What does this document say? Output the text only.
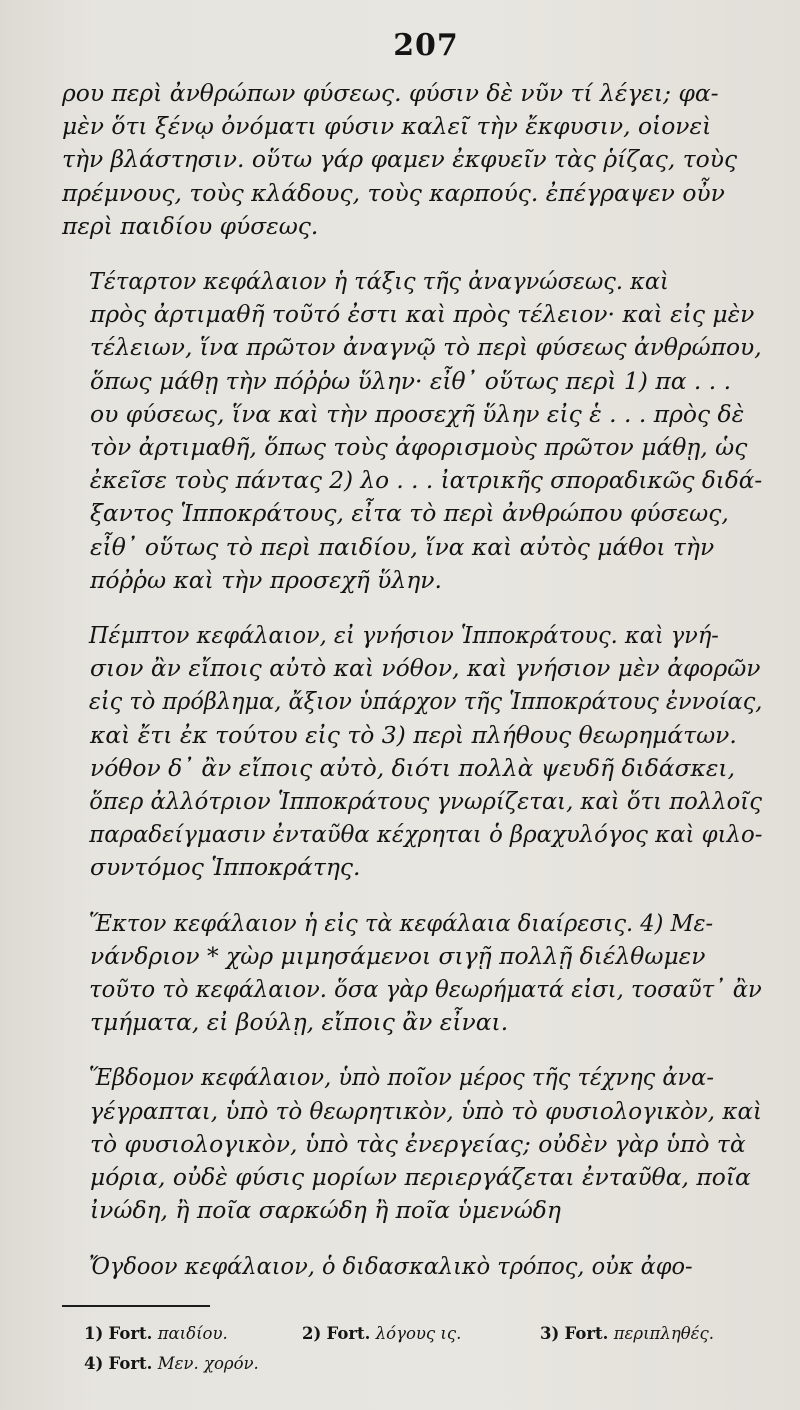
207
ρου περὶ ἀνθρώπων φύσεως. φύσιν δὲ νῦν τί λέγει; φα-
μὲν ὅτι ξένῳ ὀνόματι φύσιν καλεῖ τὴν ἔκφυσιν, οἱονεὶ
τὴν βλάστησιν. οὕτω γάρ φαμεν ἐκφυεῖν τὰς ῥίζας, τοὺς
πρέμνους, τοὺς κλάδους, τοὺς καρπούς. ἐπέγραψεν οὖν
περὶ παιδίου φύσεως.
Τέταρτον κεφάλαιον ἡ τάξις τῆς ἀναγνώσεως. καὶ
πρὸς ἀρτιμαθῆ τοῦτό ἐστι καὶ πρὸς τέλειον· καὶ εἰς μὲν
τέλειων, ἵνα πρῶτον ἀναγνῷ τὸ περὶ φύσεως ἀνθρώπου,
ὅπως μάθῃ τὴν πόῤῥω ὕλην· εἶθ᾽ οὕτως περὶ 1) πα . . .
ου φύσεως, ἵνα καὶ τὴν προσεχῆ ὕλην εἰς ἑ . . . πρὸς δὲ
τὸν ἀρτιμαθῆ, ὅπως τοὺς ἀφορισμοὺς πρῶτον μάθῃ, ὡς
ἐκεῖσε τοὺς πάντας 2) λο . . . ἰατρικῆς σποραδικῶς διδά-
ξαντος Ἱπποκράτους, εἶτα τὸ περὶ ἀνθρώπου φύσεως,
εἶθ᾽ οὕτως τὸ περὶ παιδίου, ἵνα καὶ αὐτὸς μάθοι τὴν
πόῤῥω καὶ τὴν προσεχῆ ὕλην.
Πέμπτον κεφάλαιον, εἰ γνήσιον Ἱπποκράτους. καὶ γνή-
σιον ἂν εἴποις αὐτὸ καὶ νόθον, καὶ γνήσιον μὲν ἀφορῶν
εἰς τὸ πρόβλημα, ἄξιον ὑπάρχον τῆς Ἱπποκράτους ἐννοίας,
καὶ ἔτι ἐκ τούτου εἰς τὸ 3) περὶ πλήθους θεωρημάτων.
νόθον δ᾽ ἂν εἴποις αὐτὸ, διότι πολλὰ ψευδῆ διδάσκει,
ὅπερ ἀλλότριον Ἱπποκράτους γνωρίζεται, καὶ ὅτι πολλοῖς
παραδείγμασιν ἐνταῦθα κέχρηται ὁ βραχυλόγος καὶ φιλο-
συντόμος Ἱπποκράτης.
Ἕκτον κεφάλαιον ἡ εἰς τὰ κεφάλαια διαίρεσις. 4) Με-
νάνδριον * χὼρ μιμησάμενοι σιγῇ πολλῇ διέλθωμεν
τοῦτο τὸ κεφάλαιον. ὅσα γὰρ θεωρήματά εἰσι, τοσαῦτ᾽ ἂν
τμήματα, εἰ βούλῃ, εἴποις ἂν εἶναι.
Ἕβδομον κεφάλαιον, ὑπὸ ποῖον μέρος τῆς τέχνης ἀνα-
γέγραπται, ὑπὸ τὸ θεωρητικὸν, ὑπὸ τὸ φυσιολογικὸν, καὶ
τὸ φυσιολογικὸν, ὑπὸ τὰς ἐνεργείας; οὐδὲν γὰρ ὑπὸ τὰ
μόρια, οὐδὲ φύσις μορίων περιεργάζεται ἐνταῦθα, ποῖα
ἰνώδη, ἢ ποῖα σαρκώδη ἢ ποῖα ὑμενώδη
Ὄγδοον κεφάλαιον, ὁ διδασκαλικὸ τρόπος, οὐκ ἀφο-
1) Fort. παιδίου.	2) Fort. λόγους ις.	3) Fort. περιπληθές.
4) Fort. Μεν. χορόν.
